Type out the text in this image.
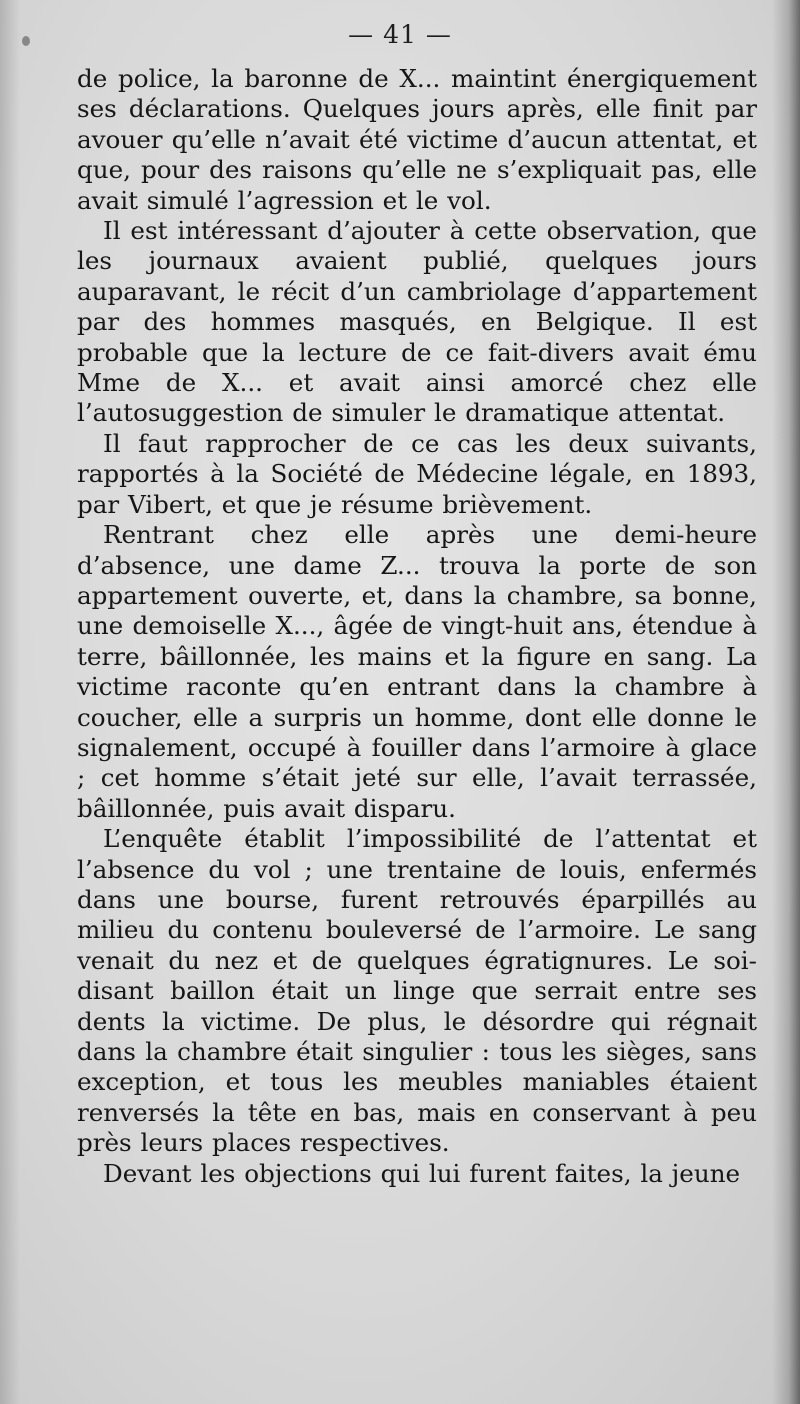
— 41 —

de police, la baronne de X... maintint énergiquement ses déclarations. Quelques jours après, elle finit par avouer qu’elle n’avait été victime d’aucun attentat, et que, pour des raisons qu’elle ne s’expliquait pas, elle avait simulé l’agression et le vol.

Il est intéressant d’ajouter à cette observation, que les journaux avaient publié, quelques jours auparavant, le récit d’un cambriolage d’appartement par des hommes masqués, en Belgique. Il est probable que la lecture de ce fait-divers avait ému Mme de X... et avait ainsi amorcé chez elle l’autosuggestion de simuler le dramatique attentat.

Il faut rapprocher de ce cas les deux suivants, rapportés à la Société de Médecine légale, en 1893, par Vibert, et que je résume brièvement.

Rentrant chez elle après une demi-heure d’absence, une dame Z... trouva la porte de son appartement ouverte, et, dans la chambre, sa bonne, une demoiselle X..., âgée de vingt-huit ans, étendue à terre, bâillonnée, les mains et la figure en sang. La victime raconte qu’en entrant dans la chambre à coucher, elle a surpris un homme, dont elle donne le signalement, occupé à fouiller dans l’armoire à glace ; cet homme s’était jeté sur elle, l’avait terrassée, bâillonnée, puis avait disparu.

L’enquête établit l’impossibilité de l’attentat et l’absence du vol ; une trentaine de louis, enfermés dans une bourse, furent retrouvés éparpillés au milieu du contenu bouleversé de l’armoire. Le sang venait du nez et de quelques égratignures. Le soi-disant baillon était un linge que serrait entre ses dents la victime. De plus, le désordre qui régnait dans la chambre était singulier : tous les sièges, sans exception, et tous les meubles maniables étaient renversés la tête en bas, mais en conservant à peu près leurs places respectives.

Devant les objections qui lui furent faites, la jeune
